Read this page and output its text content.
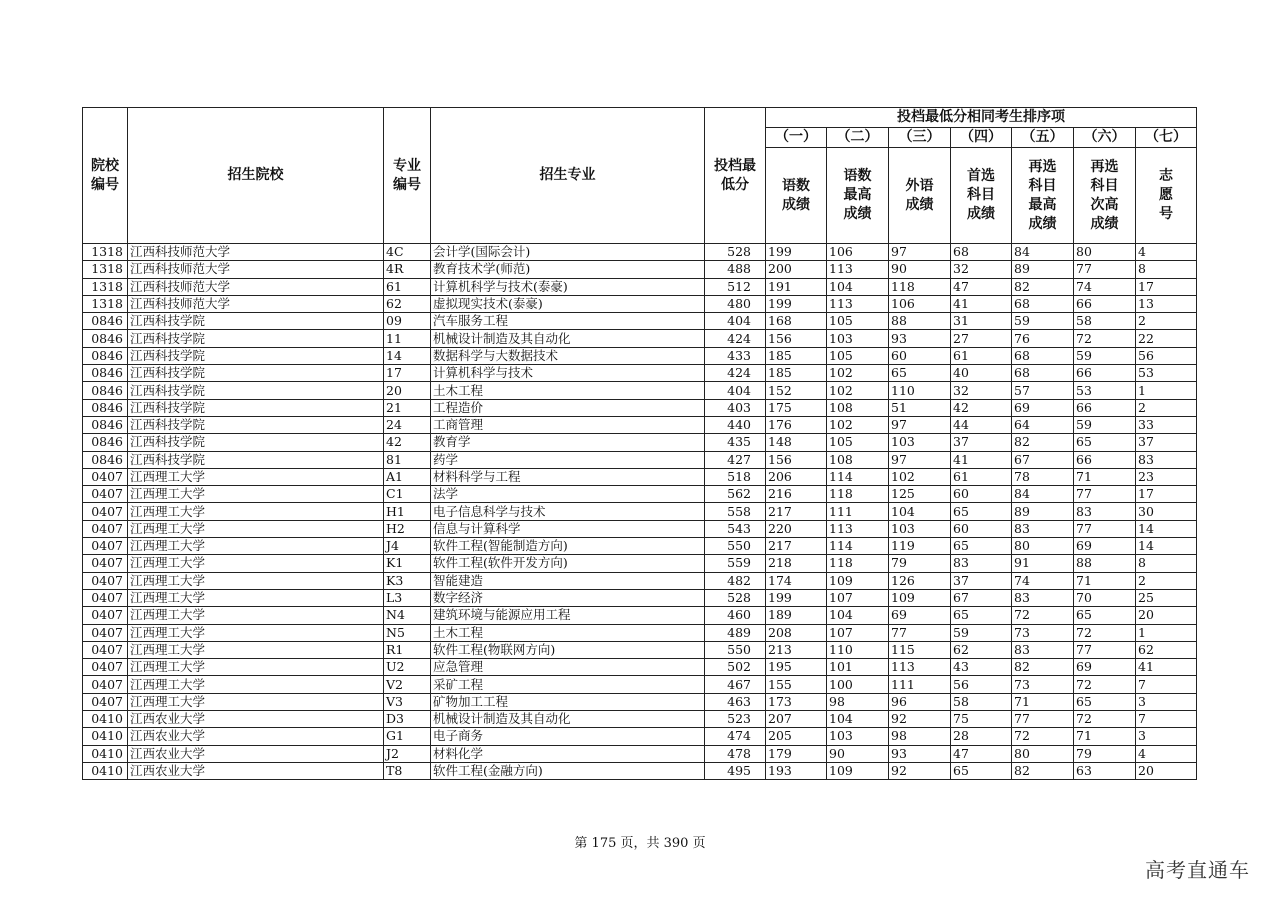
院校编号	招生院校	专业编号	招生专业	投档最低分	投档最低分相同考生排序项						
					（一）	（二）	（三）	（四）	（五）	（六）	（七）
					语数成绩	语数最高成绩	外语成绩	首选科目成绩	再选科目最高成绩	再选科目次高成绩	志愿号
1318	江西科技师范大学	4C	会计学(国际会计)	528	199	106	97	68	84	80	4
1318	江西科技师范大学	4R	教育技术学(师范)	488	200	113	90	32	89	77	8
1318	江西科技师范大学	61	计算机科学与技术(泰豪)	512	191	104	118	47	82	74	17
1318	江西科技师范大学	62	虚拟现实技术(泰豪)	480	199	113	106	41	68	66	13
0846	江西科技学院	09	汽车服务工程	404	168	105	88	31	59	58	2
0846	江西科技学院	11	机械设计制造及其自动化	424	156	103	93	27	76	72	22
0846	江西科技学院	14	数据科学与大数据技术	433	185	105	60	61	68	59	56
0846	江西科技学院	17	计算机科学与技术	424	185	102	65	40	68	66	53
0846	江西科技学院	20	土木工程	404	152	102	110	32	57	53	1
0846	江西科技学院	21	工程造价	403	175	108	51	42	69	66	2
0846	江西科技学院	24	工商管理	440	176	102	97	44	64	59	33
0846	江西科技学院	42	教育学	435	148	105	103	37	82	65	37
0846	江西科技学院	81	药学	427	156	108	97	41	67	66	83
0407	江西理工大学	A1	材料科学与工程	518	206	114	102	61	78	71	23
0407	江西理工大学	C1	法学	562	216	118	125	60	84	77	17
0407	江西理工大学	H1	电子信息科学与技术	558	217	111	104	65	89	83	30
0407	江西理工大学	H2	信息与计算科学	543	220	113	103	60	83	77	14
0407	江西理工大学	J4	软件工程(智能制造方向)	550	217	114	119	65	80	69	14
0407	江西理工大学	K1	软件工程(软件开发方向)	559	218	118	79	83	91	88	8
0407	江西理工大学	K3	智能建造	482	174	109	126	37	74	71	2
0407	江西理工大学	L3	数字经济	528	199	107	109	67	83	70	25
0407	江西理工大学	N4	建筑环境与能源应用工程	460	189	104	69	65	72	65	20
0407	江西理工大学	N5	土木工程	489	208	107	77	59	73	72	1
0407	江西理工大学	R1	软件工程(物联网方向)	550	213	110	115	62	83	77	62
0407	江西理工大学	U2	应急管理	502	195	101	113	43	82	69	41
0407	江西理工大学	V2	采矿工程	467	155	100	111	56	73	72	7
0407	江西理工大学	V3	矿物加工工程	463	173	98	96	58	71	65	3
0410	江西农业大学	D3	机械设计制造及其自动化	523	207	104	92	75	77	72	7
0410	江西农业大学	G1	电子商务	474	205	103	98	28	72	71	3
0410	江西农业大学	J2	材料化学	478	179	90	93	47	80	79	4
0410	江西农业大学	T8	软件工程(金融方向)	495	193	109	92	65	82	63	20
第 175 页，共 390 页
高考直通车
